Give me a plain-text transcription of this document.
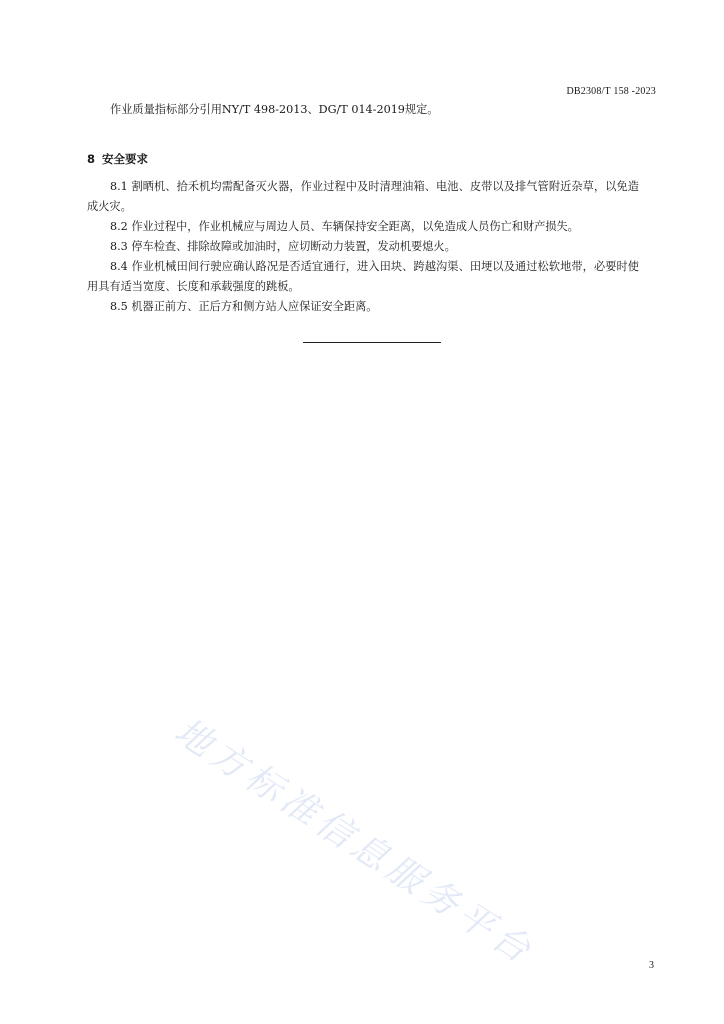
DB2308/T 158 -2023

作业质量指标部分引用NY/T 498-2013、DG/T 014-2019规定。

8 安全要求

8.1 割晒机、拾禾机均需配备灭火器，作业过程中及时清理油箱、电池、皮带以及排气管附近杂草，以免造成火灾。

8.2 作业过程中，作业机械应与周边人员、车辆保持安全距离，以免造成人员伤亡和财产损失。

8.3 停车检查、排除故障或加油时，应切断动力装置，发动机要熄火。

8.4 作业机械田间行驶应确认路况是否适宜通行，进入田块、跨越沟渠、田埂以及通过松软地带，必要时使用具有适当宽度、长度和承载强度的跳板。

8.5 机器正前方、正后方和侧方站人应保证安全距离。

地方标准信息服务平台	3
